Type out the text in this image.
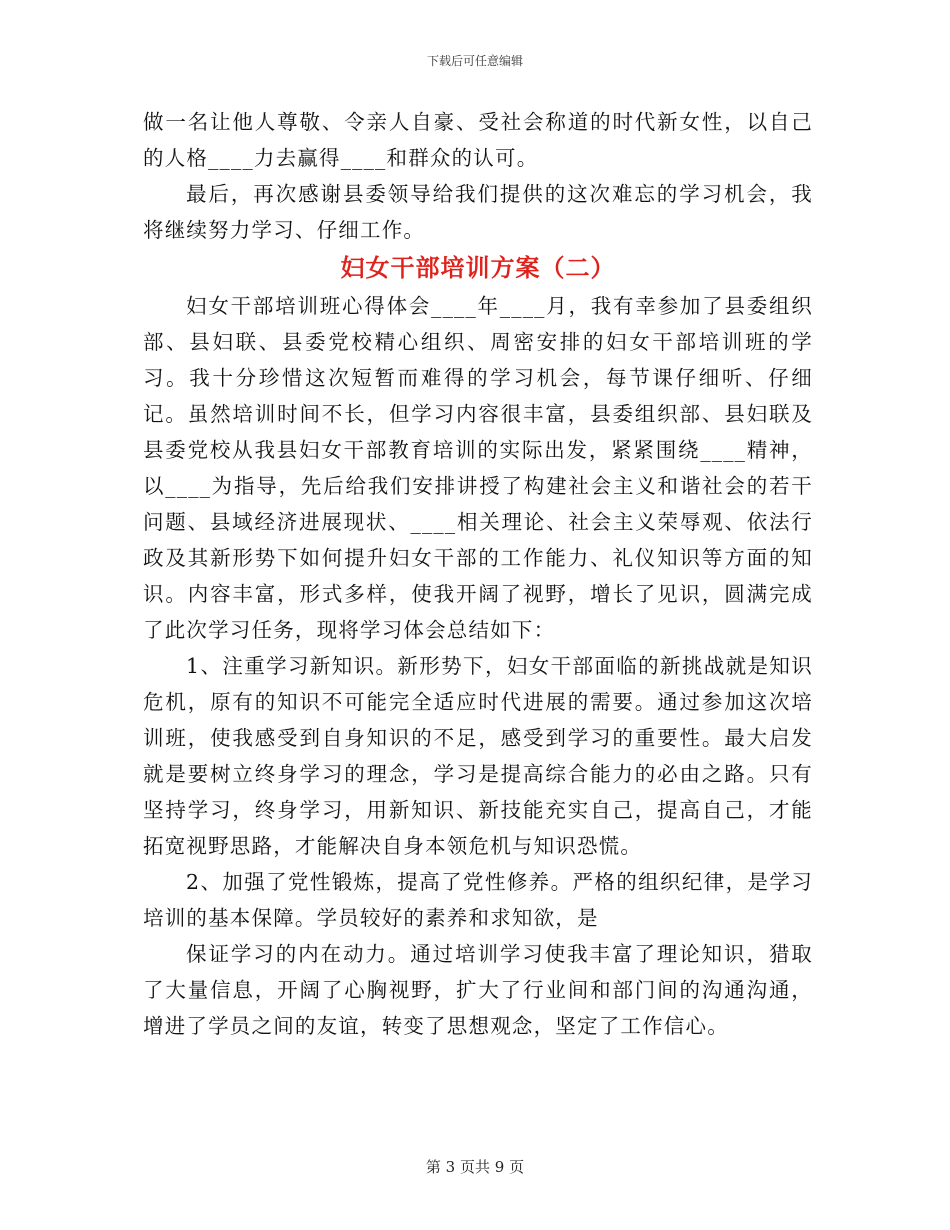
下载后可任意编辑

做一名让他人尊敬、令亲人自豪、受社会称道的时代新女性，以自己的人格____力去赢得____和群众的认可。

最后，再次感谢县委领导给我们提供的这次难忘的学习机会，我将继续努力学习、仔细工作。

妇女干部培训方案（二）

妇女干部培训班心得体会____年____月，我有幸参加了县委组织部、县妇联、县委党校精心组织、周密安排的妇女干部培训班的学习。我十分珍惜这次短暂而难得的学习机会，每节课仔细听、仔细记。虽然培训时间不长，但学习内容很丰富，县委组织部、县妇联及县委党校从我县妇女干部教育培训的实际出发，紧紧围绕____精神，以____为指导，先后给我们安排讲授了构建社会主义和谐社会的若干问题、县域经济进展现状、____相关理论、社会主义荣辱观、依法行政及其新形势下如何提升妇女干部的工作能力、礼仪知识等方面的知识。内容丰富，形式多样，使我开阔了视野，增长了见识，圆满完成了此次学习任务，现将学习体会总结如下：

1、注重学习新知识。新形势下，妇女干部面临的新挑战就是知识危机，原有的知识不可能完全适应时代进展的需要。通过参加这次培训班，使我感受到自身知识的不足，感受到学习的重要性。最大启发就是要树立终身学习的理念，学习是提高综合能力的必由之路。只有坚持学习，终身学习，用新知识、新技能充实自己，提高自己，才能拓宽视野思路，才能解决自身本领危机与知识恐慌。

2、加强了党性锻炼，提高了党性修养。严格的组织纪律，是学习培训的基本保障。学员较好的素养和求知欲，是

保证学习的内在动力。通过培训学习使我丰富了理论知识，猎取了大量信息，开阔了心胸视野，扩大了行业间和部门间的沟通沟通，增进了学员之间的友谊，转变了思想观念，坚定了工作信心。

第 3 页共 9 页
